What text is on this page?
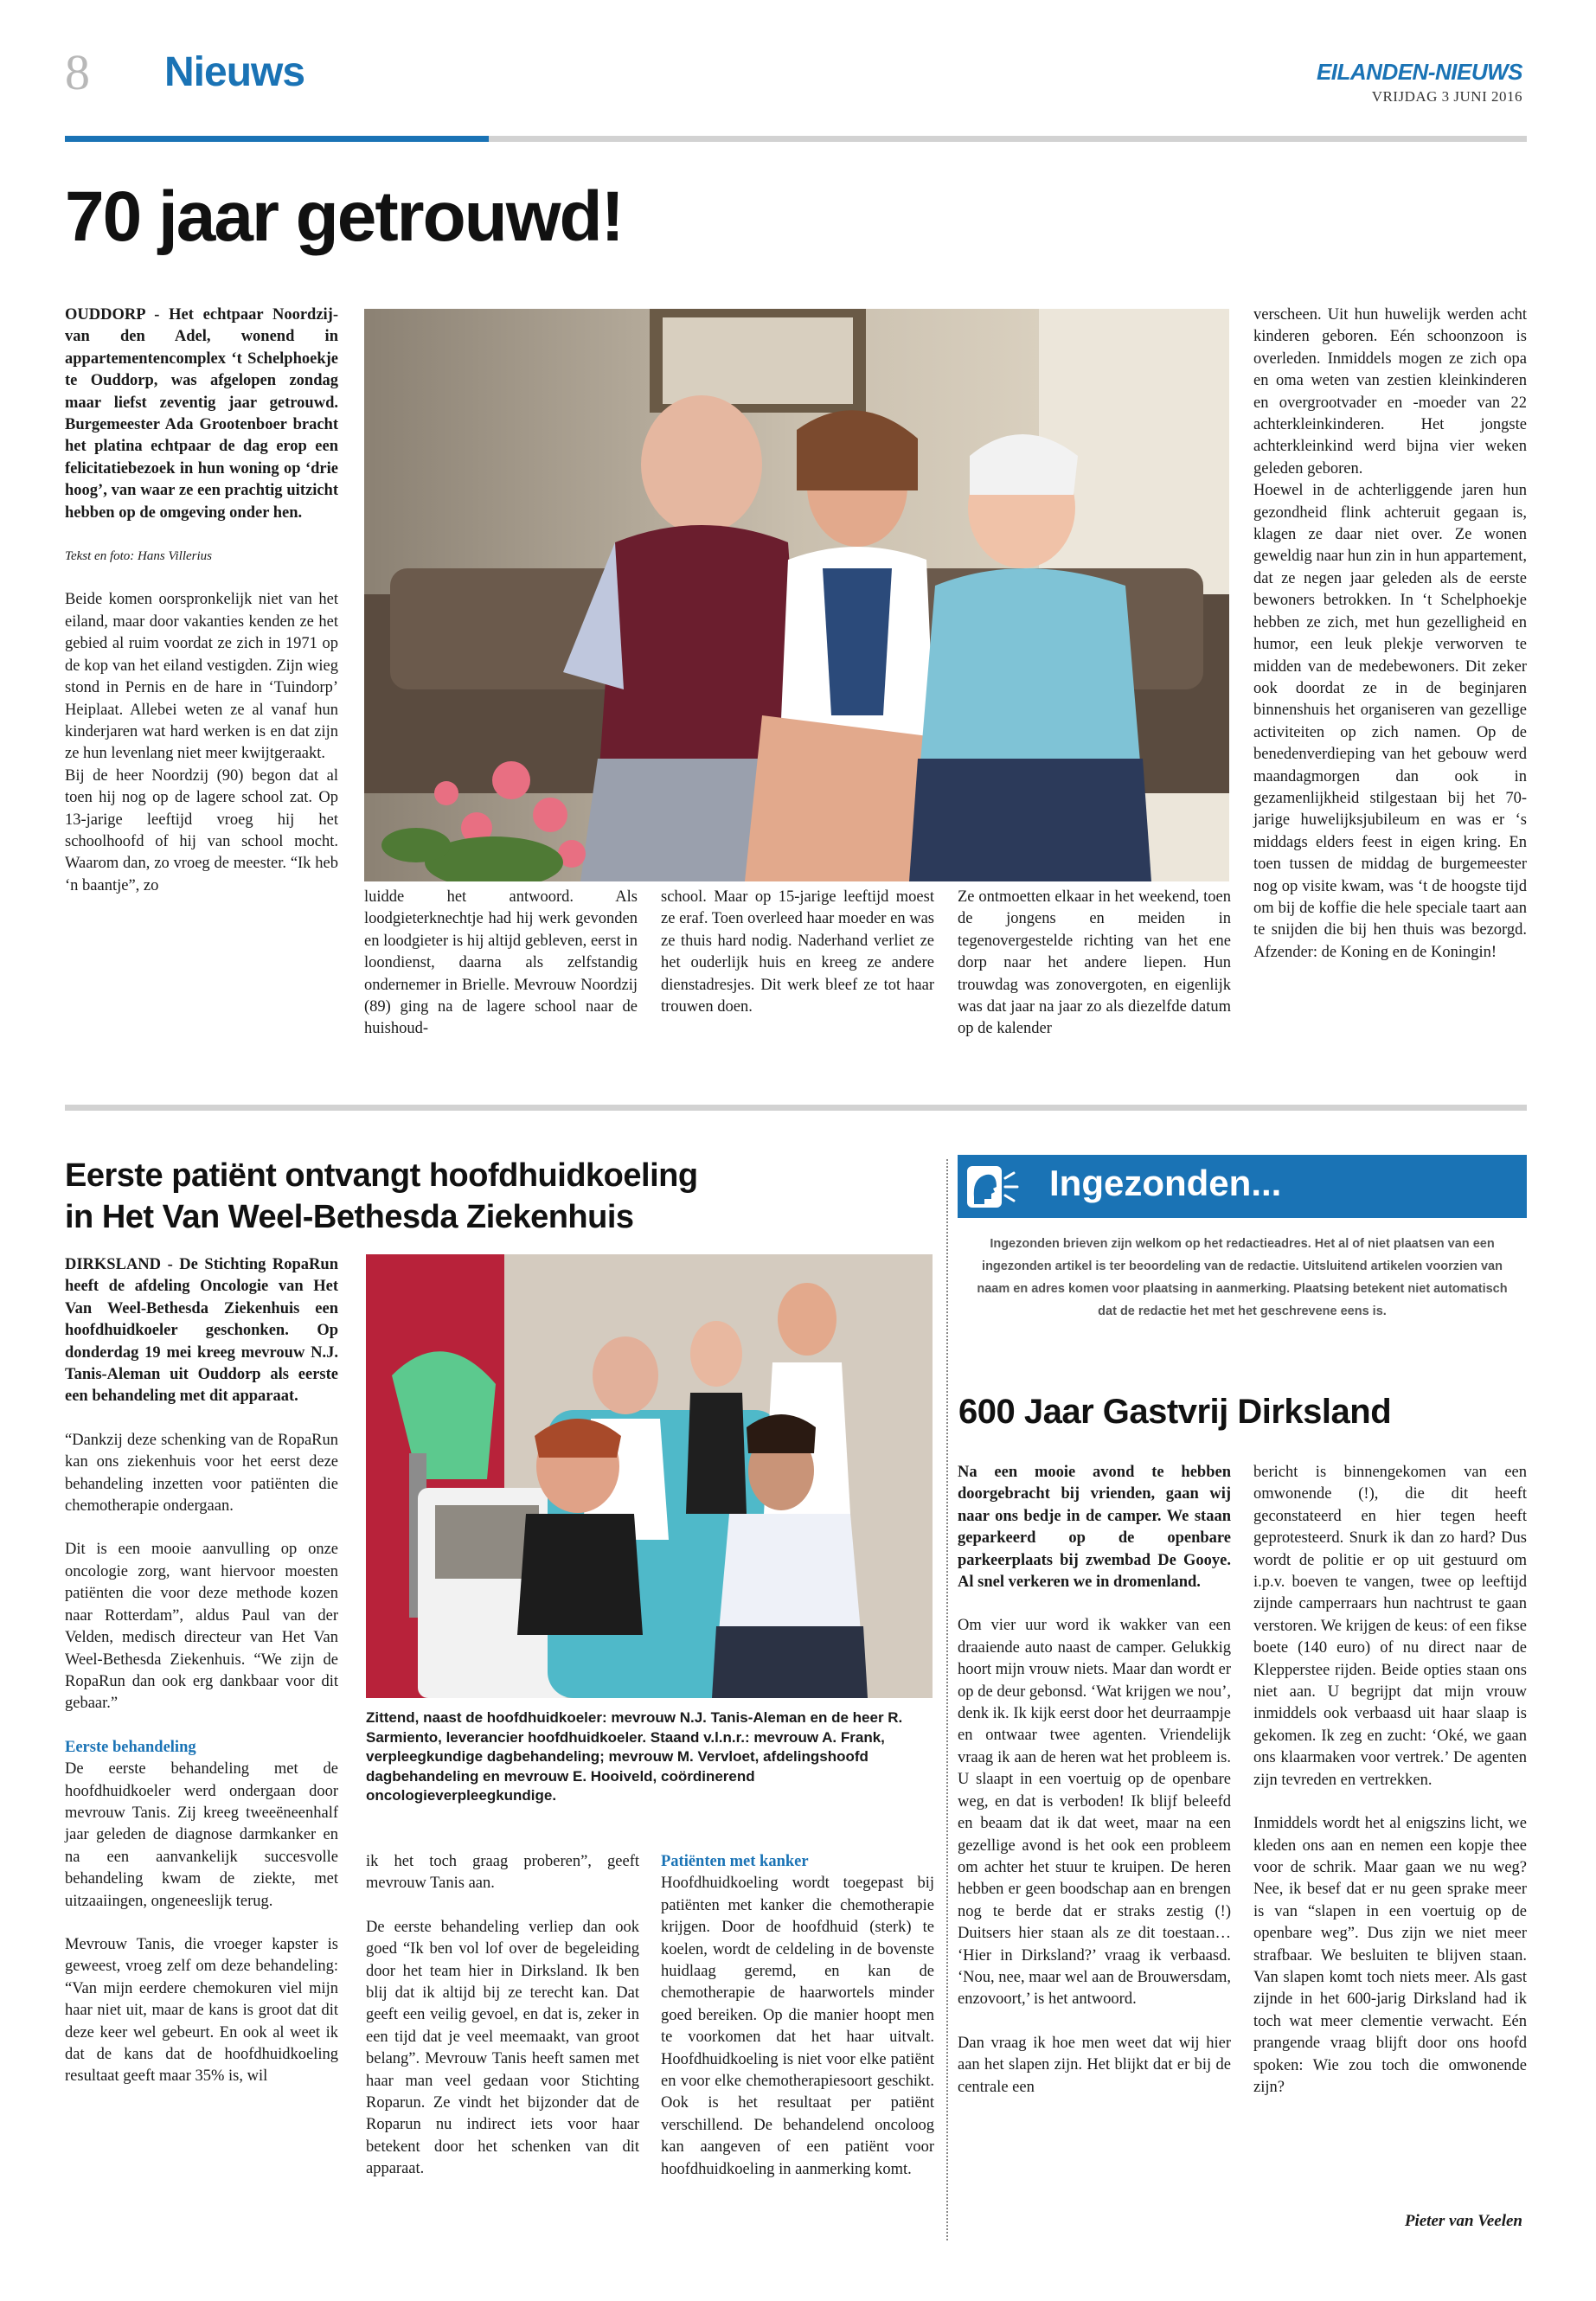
8 Nieuws	EILANDEN-NIEUWS
VRIJDAG 3 JUNI 2016
70 jaar getrouwd!

OUDDORP - Het echtpaar Noordzij-van den Adel, wonend in appartementencomplex ‘t Schelphoekje te Ouddorp, was afgelopen zondag maar liefst zeventig jaar getrouwd. Burgemeester Ada Grootenboer bracht het platina echtpaar de dag erop een felicitatiebezoek in hun woning op ‘drie hoog’, van waar ze een prachtig uitzicht hebben op de omgeving onder hen.

Tekst en foto: Hans Villerius

Beide komen oorspronkelijk niet van het eiland, maar door vakanties kenden ze het gebied al ruim voordat ze zich in 1971 op de kop van het eiland vestigden. Zijn wieg stond in Pernis en de hare in ‘Tuindorp’ Heiplaat. Allebei weten ze al vanaf hun kinderjaren wat hard werken is en dat zijn ze hun levenlang niet meer kwijtgeraakt.

Bij de heer Noordzij (90) begon dat al toen hij nog op de lagere school zat. Op 13-jarige leeftijd vroeg hij het schoolhoofd of hij van school mocht. Waarom dan, zo vroeg de meester. “Ik heb ‘n baantje”, zo

luidde het antwoord. Als loodgieterknechtje had hij werk gevonden en loodgieter is hij altijd gebleven, eerst in loondienst, daarna als zelfstandig ondernemer in Brielle. Mevrouw Noordzij (89) ging na de lagere school naar de huishoud-

school. Maar op 15-jarige leeftijd moest ze eraf. Toen overleed haar moeder en was ze thuis hard nodig. Naderhand verliet ze het ouderlijk huis en kreeg ze andere dienstadresjes. Dit werk bleef ze tot haar trouwen doen.

Ze ontmoetten elkaar in het weekend, toen de jongens en meiden in tegenovergestelde richting van het ene dorp naar het andere liepen. Hun trouwdag was zonovergoten, en eigenlijk was dat jaar na jaar zo als diezelfde datum op de kalender

verscheen. Uit hun huwelijk werden acht kinderen geboren. Eén schoonzoon is overleden. Inmiddels mogen ze zich opa en oma weten van zestien kleinkinderen en overgrootvader en -moeder van 22 achterkleinkinderen. Het jongste achterkleinkind werd bijna vier weken geleden geboren.

Hoewel in de achterliggende jaren hun gezondheid flink achteruit gegaan is, klagen ze daar niet over. Ze wonen geweldig naar hun zin in hun appartement, dat ze negen jaar geleden als de eerste bewoners betrokken. In ‘t Schelphoekje hebben ze zich, met hun gezelligheid en humor, een leuk plekje verworven te midden van de medebewoners. Dit zeker ook doordat ze in de beginjaren binnenshuis het organiseren van gezellige activiteiten op zich namen. Op de benedenverdieping van het gebouw werd maandagmorgen dan ook in gezamenlijkheid stilgestaan bij het 70-jarige huwelijksjubileum en was er ‘s middags elders feest in eigen kring. En toen tussen de middag de burgemeester nog op visite kwam, was ‘t de hoogste tijd om bij de koffie die hele speciale taart aan te snijden die bij hen thuis was bezorgd. Afzender: de Koning en de Koningin!

Eerste patiënt ontvangt hoofdhuidkoeling
in Het Van Weel-Bethesda Ziekenhuis

DIRKSLAND - De Stichting RopaRun heeft de afdeling Oncologie van Het Van Weel-Bethesda Ziekenhuis een hoofdhuidkoeler geschonken. Op donderdag 19 mei kreeg mevrouw N.J. Tanis-Aleman uit Ouddorp als eerste een behandeling met dit apparaat.

“Dankzij deze schenking van de RopaRun kan ons ziekenhuis voor het eerst deze behandeling inzetten voor patiënten die chemotherapie ondergaan.

Dit is een mooie aanvulling op onze oncologie zorg, want hiervoor moesten patiënten die voor deze methode kozen naar Rotterdam”, aldus Paul van der Velden, medisch directeur van Het Van Weel-Bethesda Ziekenhuis. “We zijn de RopaRun dan ook erg dankbaar voor dit gebaar.”

Eerste behandeling

De eerste behandeling met de hoofdhuidkoeler werd ondergaan door mevrouw Tanis. Zij kreeg tweeëneenhalf jaar geleden de diagnose darmkanker en na een aanvankelijk succesvolle behandeling kwam de ziekte, met uitzaaiingen, ongeneeslijk terug.

Mevrouw Tanis, die vroeger kapster is geweest, vroeg zelf om deze behandeling: “Van mijn eerdere chemokuren viel mijn haar niet uit, maar de kans is groot dat dit deze keer wel gebeurt. En ook al weet ik dat de kans dat de hoofdhuidkoeling resultaat geeft maar 35% is, wil

Zittend, naast de hoofdhuidkoeler: mevrouw N.J. Tanis-Aleman en de heer R. Sarmiento, leverancier hoofdhuidkoeler. Staand v.l.n.r.: mevrouw A. Frank, verpleegkundige dagbehandeling; mevrouw M. Vervloet, afdelingshoofd dagbehandeling en mevrouw E. Hooiveld, coördinerend oncologieverpleegkundige.

ik het toch graag proberen”, geeft mevrouw Tanis aan.

De eerste behandeling verliep dan ook goed “Ik ben vol lof over de begeleiding door het team hier in Dirksland. Ik ben blij dat ik altijd bij ze terecht kan. Dat geeft een veilig gevoel, en dat is, zeker in een tijd dat je veel meemaakt, van groot belang”. Mevrouw Tanis heeft samen met haar man veel gedaan voor Stichting Roparun. Ze vindt het bijzonder dat de Roparun nu indirect iets voor haar betekent door het schenken van dit apparaat.

Patiënten met kanker

Hoofdhuidkoeling wordt toegepast bij patiënten met kanker die chemotherapie krijgen. Door de hoofdhuid (sterk) te koelen, wordt de celdeling in de bovenste huidlaag geremd, en kan de chemotherapie de haarwortels minder goed bereiken. Op die manier hoopt men te voorkomen dat het haar uitvalt. Hoofdhuidkoeling is niet voor elke patiënt en voor elke chemotherapiesoort geschikt. Ook is het resultaat per patiënt verschillend. De behandelend oncoloog kan aangeven of een patiënt voor hoofdhuidkoeling in aanmerking komt.

Ingezonden...

Ingezonden brieven zijn welkom op het redactieadres. Het al of niet plaatsen van een ingezonden artikel is ter beoordeling van de redactie. Uitsluitend artikelen voorzien van naam en adres komen voor plaatsing in aanmerking. Plaatsing betekent niet automatisch dat de redactie het met het geschrevene eens is.

600 Jaar Gastvrij Dirksland

Na een mooie avond te hebben doorgebracht bij vrienden, gaan wij naar ons bedje in de camper. We staan geparkeerd op de openbare parkeerplaats bij zwembad De Gooye. Al snel verkeren we in dromenland.

Om vier uur word ik wakker van een draaiende auto naast de camper. Gelukkig hoort mijn vrouw niets. Maar dan wordt er op de deur gebonsd. ‘Wat krijgen we nou’, denk ik. Ik kijk eerst door het deurraampje en ontwaar twee agenten. Vriendelijk vraag ik aan de heren wat het probleem is. U slaapt in een voertuig op de openbare weg, en dat is verboden! Ik blijf beleefd en beaam dat ik dat weet, maar na een gezellige avond is het ook een probleem om achter het stuur te kruipen. De heren hebben er geen boodschap aan en brengen nog te berde dat er straks zestig (!) Duitsers hier staan als ze dit toestaan… ‘Hier in Dirksland?’ vraag ik verbaasd. ‘Nou, nee, maar wel aan de Brouwersdam, enzovoort,’ is het antwoord.

Dan vraag ik hoe men weet dat wij hier aan het slapen zijn. Het blijkt dat er bij de centrale een

bericht is binnengekomen van een omwonende (!), die dit heeft geconstateerd en hier tegen heeft geprotesteerd. Snurk ik dan zo hard? Dus wordt de politie er op uit gestuurd om i.p.v. boeven te vangen, twee op leeftijd zijnde camperraars hun nachtrust te gaan verstoren. We krijgen de keus: of een fikse boete (140 euro) of nu direct naar de Klepperstee rijden. Beide opties staan ons niet aan. U begrijpt dat mijn vrouw inmiddels ook verbaasd uit haar slaap is gekomen. Ik zeg en zucht: ‘Oké, we gaan ons klaarmaken voor vertrek.’ De agenten zijn tevreden en vertrekken.

Inmiddels wordt het al enigszins licht, we kleden ons aan en nemen een kopje thee voor de schrik. Maar gaan we nu weg? Nee, ik besef dat er nu geen sprake meer is van “slapen in een voertuig op de openbare weg”. Dus zijn we niet meer strafbaar. We besluiten te blijven staan. Van slapen komt toch niets meer. Als gast zijnde in het 600-jarig Dirksland had ik toch wat meer clementie verwacht. Eén prangende vraag blijft door ons hoofd spoken: Wie zou toch die omwonende zijn?

Pieter van Veelen
